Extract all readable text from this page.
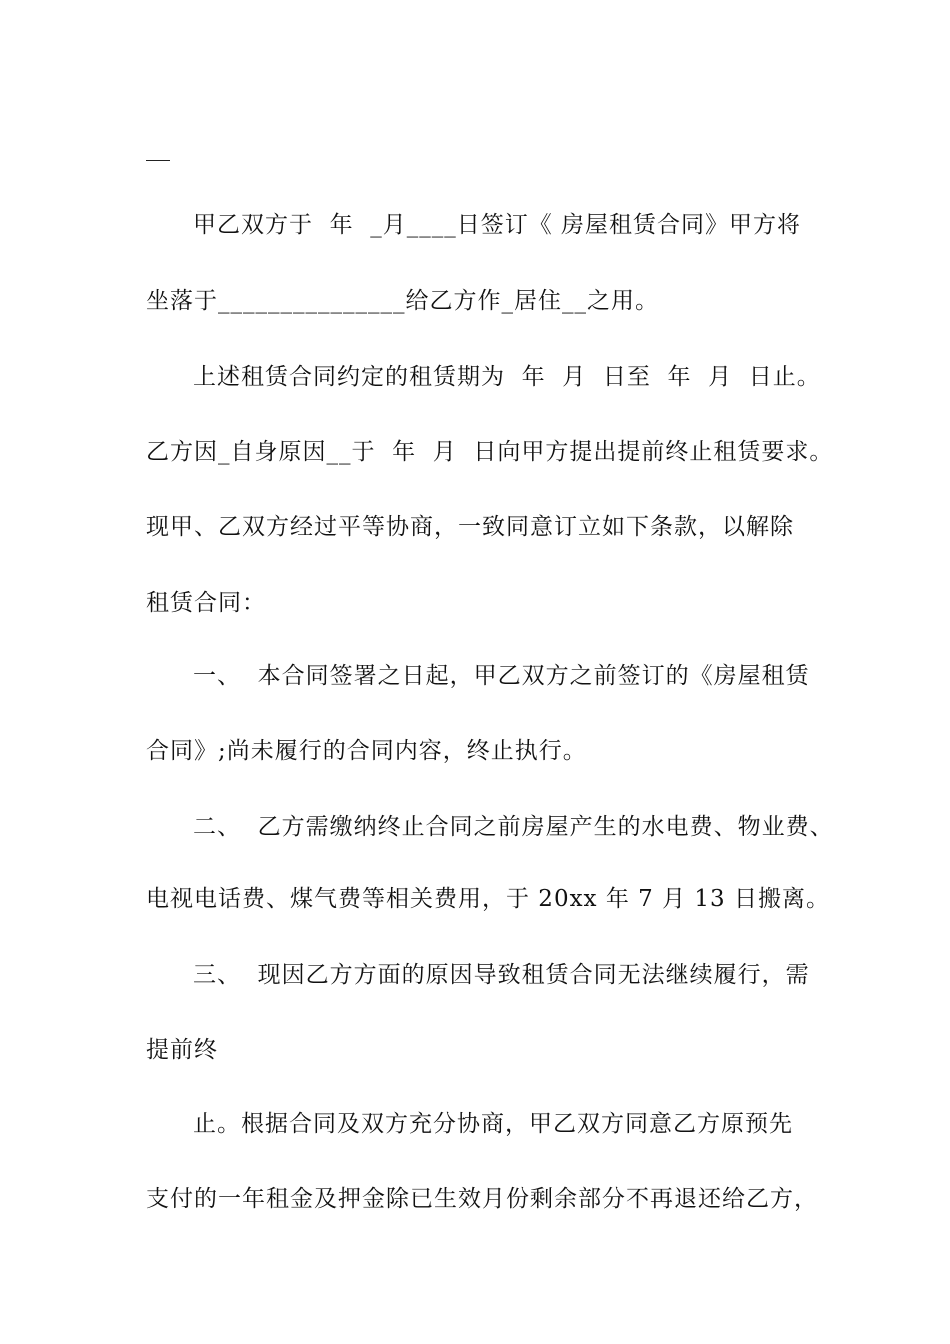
甲乙双方于  年  _月____日签订《 房屋租赁合同》甲方将
坐落于_______________给乙方作_居住__之用。
上述租赁合同约定的租赁期为  年  月  日至  年  月  日止。
乙方因_自身原因__于  年  月  日向甲方提出提前终止租赁要求。
现甲、乙双方经过平等协商，一致同意订立如下条款，以解除
租赁合同：
一、  本合同签署之日起，甲乙双方之前签订的《房屋租赁
合同》;尚未履行的合同内容，终止执行。
二、  乙方需缴纳终止合同之前房屋产生的水电费、物业费、
电视电话费、煤气费等相关费用，于 20xx 年 7 月 13 日搬离。
三、  现因乙方方面的原因导致租赁合同无法继续履行，需
提前终
止。根据合同及双方充分协商，甲乙双方同意乙方原预先
支付的一年租金及押金除已生效月份剩余部分不再退还给乙方，
